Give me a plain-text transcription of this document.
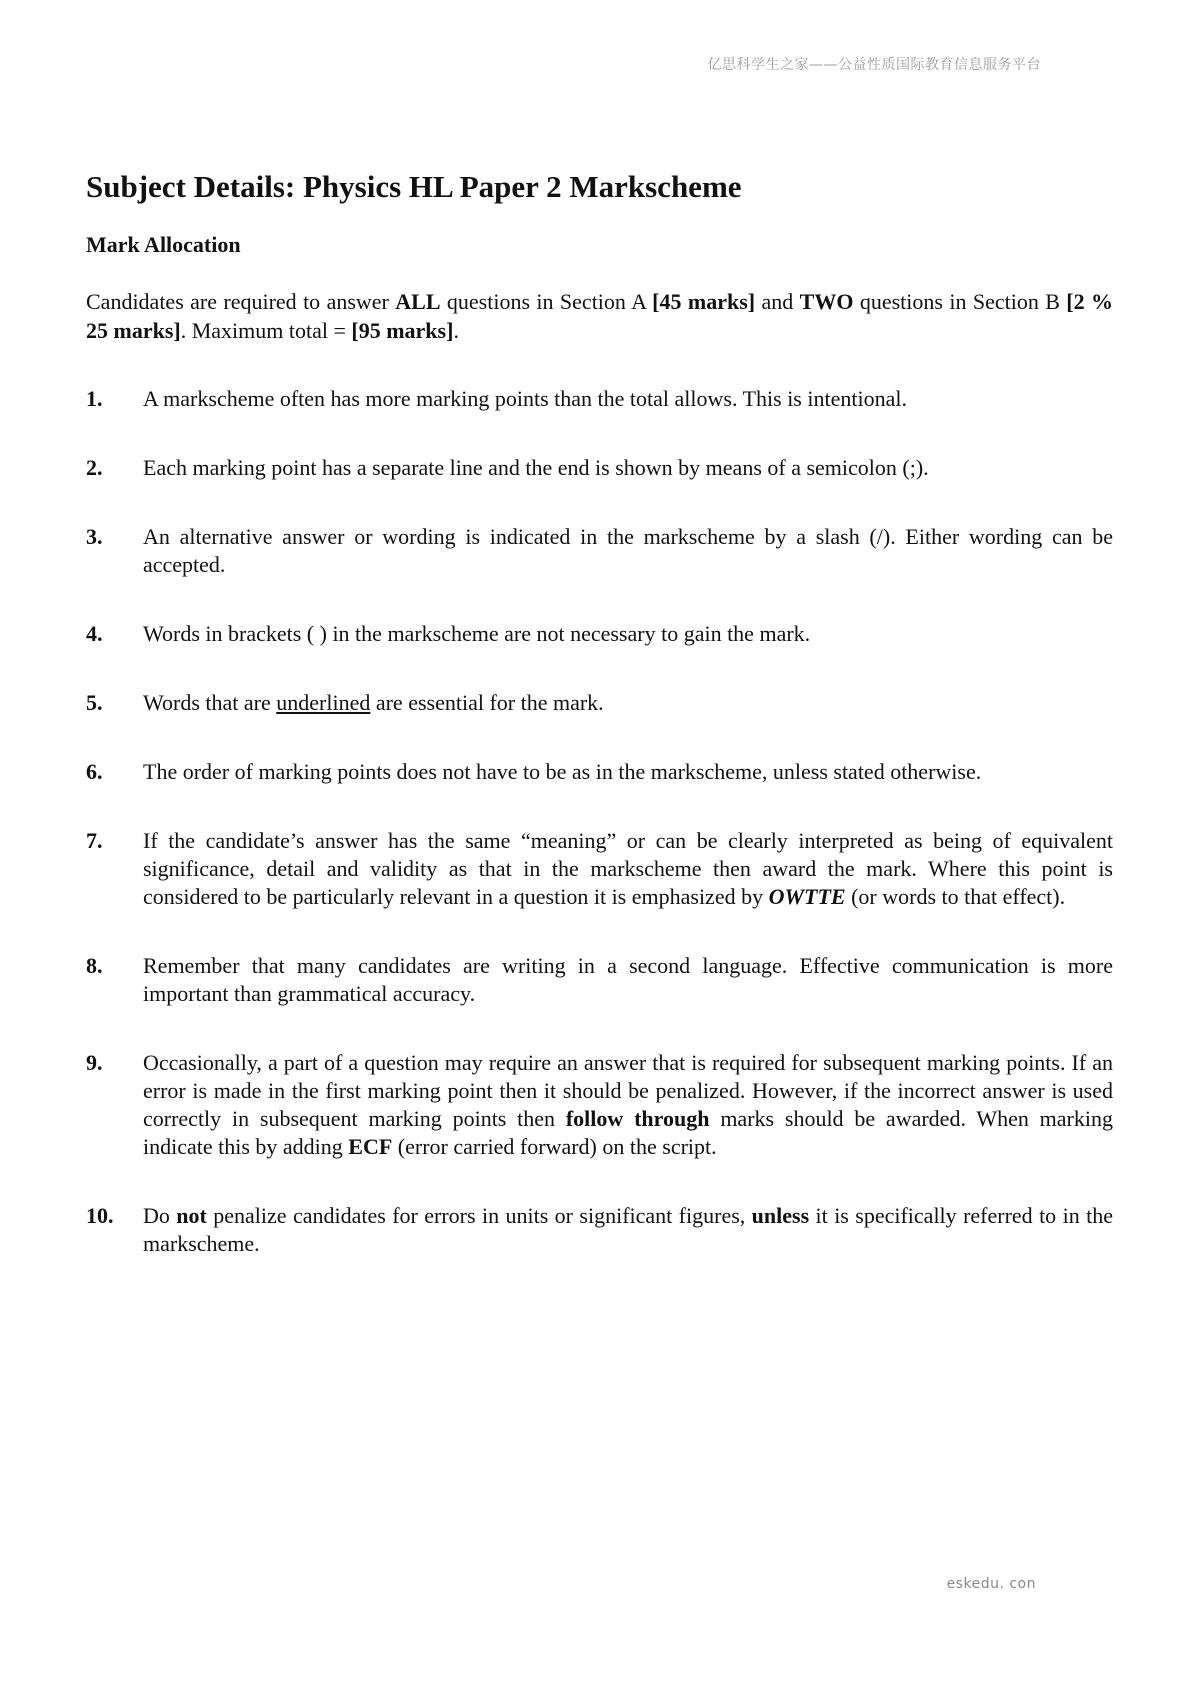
亿思科学生之家——公益性质国际教育信息服务平台
Subject Details: Physics HL Paper 2 Markscheme
Mark Allocation

Candidates are required to answer ALL questions in Section A [45 marks] and TWO questions in Section B [2 % 25 marks]. Maximum total = [95 marks].

1.	A markscheme often has more marking points than the total allows. This is intentional.
2.	Each marking point has a separate line and the end is shown by means of a semicolon (;).
3.	An alternative answer or wording is indicated in the markscheme by a slash (/). Either wording can be accepted.
4.	Words in brackets ( ) in the markscheme are not necessary to gain the mark.
5.	Words that are underlined are essential for the mark.
6.	The order of marking points does not have to be as in the markscheme, unless stated otherwise.
7.	If the candidate’s answer has the same “meaning” or can be clearly interpreted as being of equivalent significance, detail and validity as that in the markscheme then award the mark. Where this point is considered to be particularly relevant in a question it is emphasized by OWTTE (or words to that effect).
8.	Remember that many candidates are writing in a second language. Effective communication is more important than grammatical accuracy.
9.	Occasionally, a part of a question may require an answer that is required for subsequent marking points. If an error is made in the first marking point then it should be penalized. However, if the incorrect answer is used correctly in subsequent marking points then follow through marks should be awarded. When marking indicate this by adding ECF (error carried forward) on the script.
10.	Do not penalize candidates for errors in units or significant figures, unless it is specifically referred to in the markscheme.
eskedu. con
